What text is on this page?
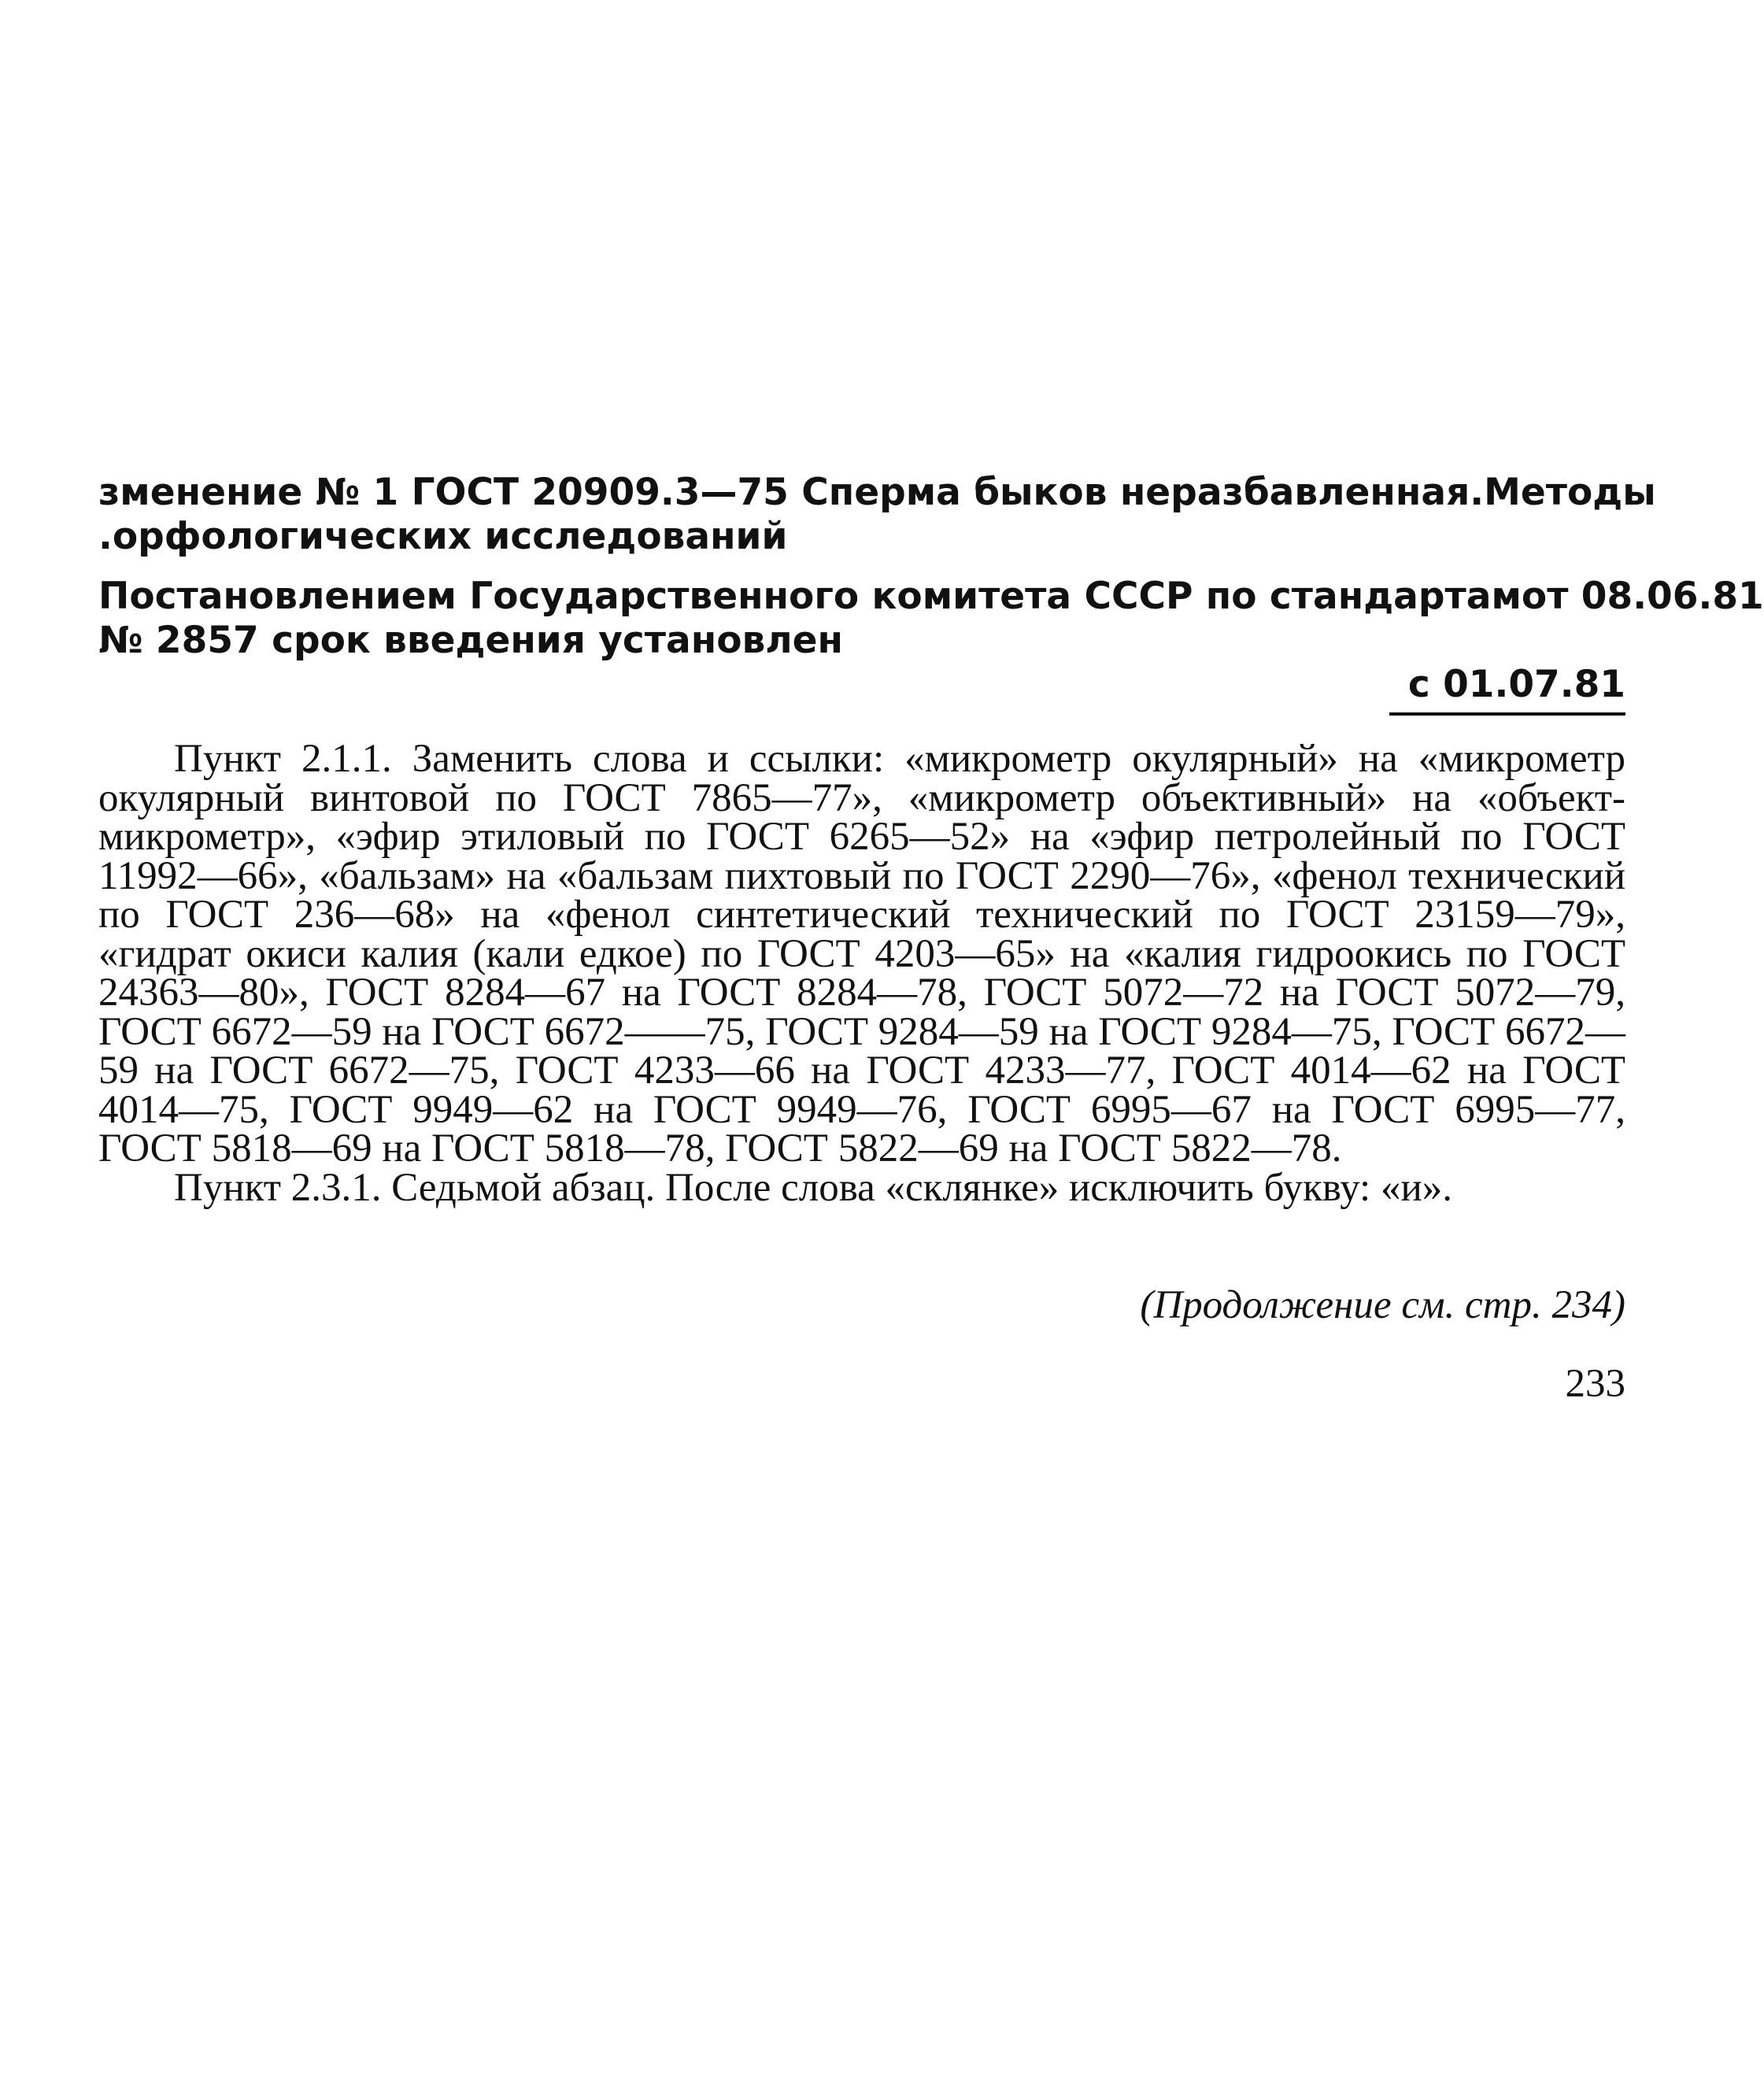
зменение № 1 ГОСТ 20909.3—75 Сперма быков неразбавленная. Методы
.орфологических исследований
Постановлением Государственного комитета СССР по стандартам от 08.06.81
№ 2857 срок введения установлен
с 01.07.81

Пункт 2.1.1. Заменить слова и ссылки: «микрометр окулярный» на «микрометр окулярный винтовой по ГОСТ 7865—77», «микрометр объективный» на «объект-микрометр», «эфир этиловый по ГОСТ 6265—52» на «эфир петролейный по ГОСТ 11992—66», «бальзам» на «бальзам пихтовый по ГОСТ 2290—76», «фенол технический по ГОСТ 236—68» на «фенол синтетический технический по ГОСТ 23159—79», «гидрат окиси калия (кали едкое) по ГОСТ 4203—65» на «калия гидроокись по ГОСТ 24363—80», ГОСТ 8284—67 на ГОСТ 8284—78, ГОСТ 5072—72 на ГОСТ 5072—79, ГОСТ 6672—59 на ГОСТ 6672——75, ГОСТ 9284—59 на ГОСТ 9284—75, ГОСТ 6672—59 на ГОСТ 6672—75, ГОСТ 4233—66 на ГОСТ 4233—77, ГОСТ 4014—62 на ГОСТ 4014—75, ГОСТ 9949—62 на ГОСТ 9949—76, ГОСТ 6995—67 на ГОСТ 6995—77, ГОСТ 5818—69 на ГОСТ 5818—78, ГОСТ 5822—69 на ГОСТ 5822—78.

Пункт 2.3.1. Седьмой абзац. После слова «склянке» исключить букву: «и».

(Продолжение см. стр. 234)
233
